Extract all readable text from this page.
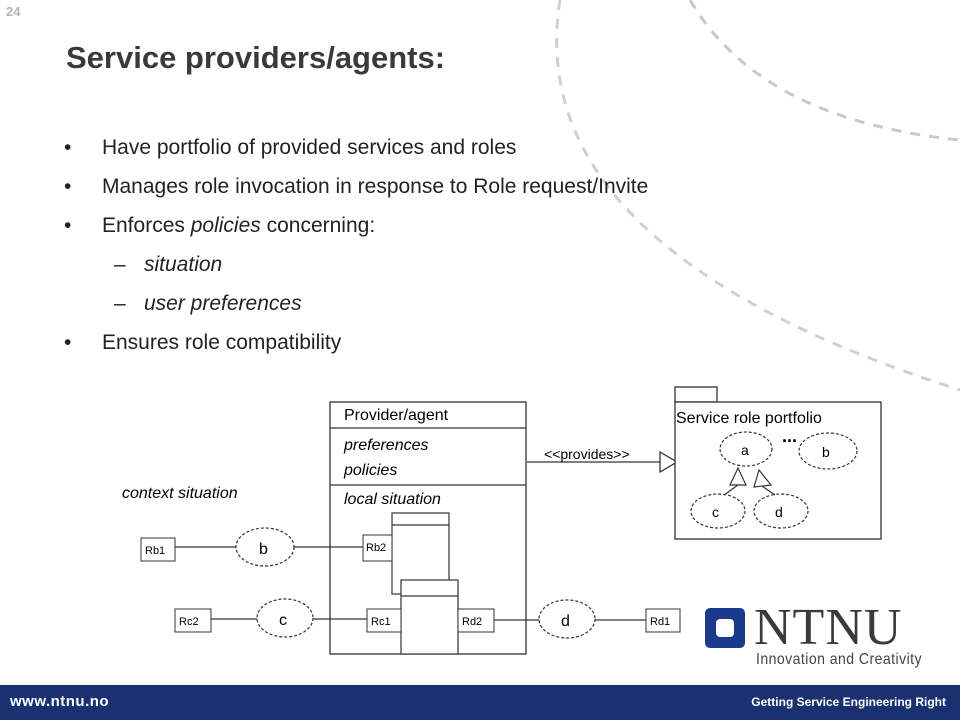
24
Service providers/agents:
• Have portfolio of provided services and roles
• Manages role invocation in response to Role request/Invite
• Enforces policies concerning:
– situation
– user preferences
• Ensures role compatibility
Provider/agent
preferences
policies
local situation
context situation
Rb1	Rb2
Rc2	Rc1	Rd2	Rd1
b
c	d
<<provides>>
Service role portfolio
...
a	b
c	d
NTNU
Innovation and Creativity
www.ntnu.no	Getting Service Engineering Right
